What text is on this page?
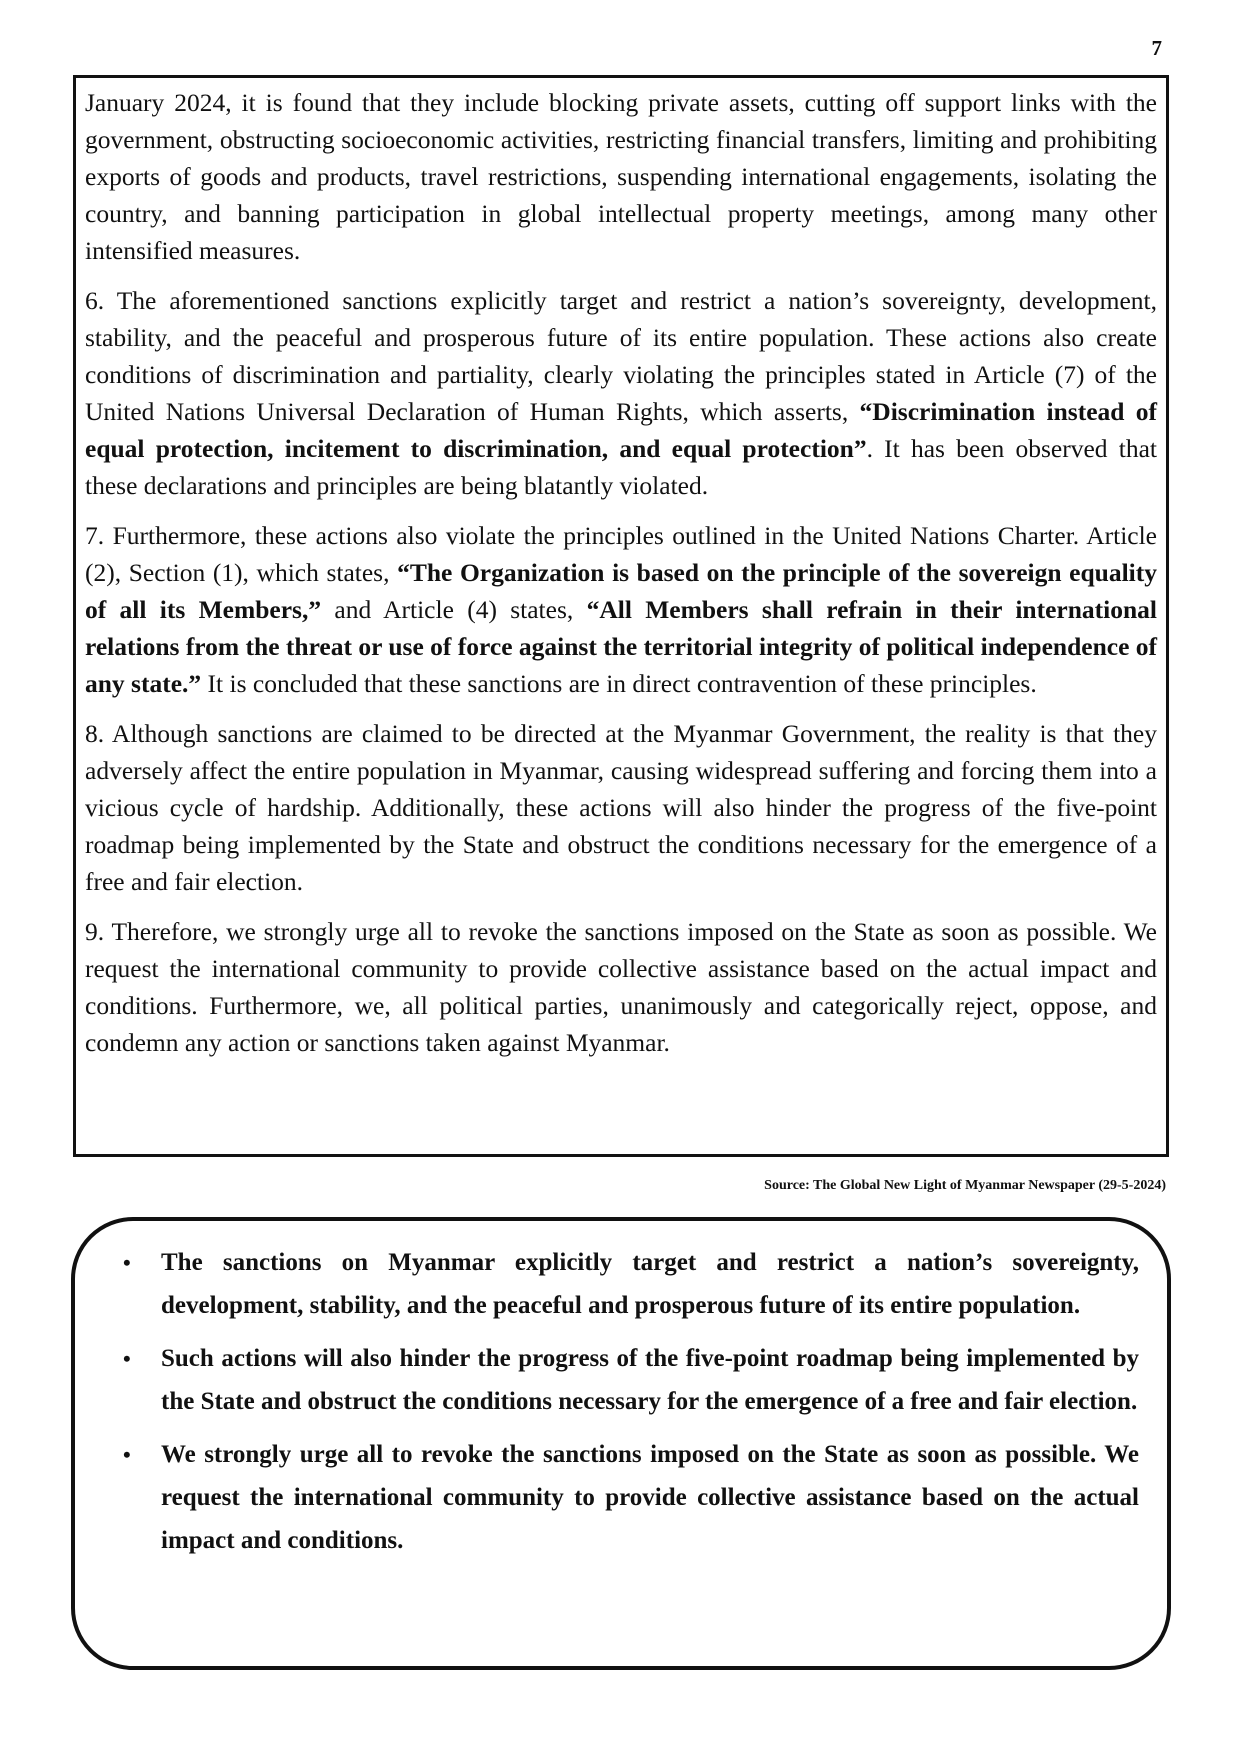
7

January 2024, it is found that they include blocking private assets, cutting off support links with the government, obstructing socioeconomic activities, restricting financial transfers, limiting and prohibiting exports of goods and products, travel restrictions, suspending international engagements, isolating the country, and banning participation in global intellectual property meetings, among many other intensified measures.

6. The aforementioned sanctions explicitly target and restrict a nation’s sovereignty, development, stability, and the peaceful and prosperous future of its entire population. These actions also create conditions of discrimination and partiality, clearly violating the principles stated in Article (7) of the United Nations Universal Declaration of Human Rights, which asserts, “Discrimination instead of equal protection, incitement to discrimination, and equal protection”. It has been observed that these declarations and principles are being blatantly violated.

7. Furthermore, these actions also violate the principles outlined in the United Nations Charter. Article (2), Section (1), which states, “The Organization is based on the principle of the sovereign equality of all its Members,” and Article (4) states, “All Members shall refrain in their international relations from the threat or use of force against the territorial integrity of political independence of any state.” It is concluded that these sanctions are in direct contravention of these principles.

8. Although sanctions are claimed to be directed at the Myanmar Government, the reality is that they adversely affect the entire population in Myanmar, causing widespread suffering and forcing them into a vicious cycle of hardship. Additionally, these actions will also hinder the progress of the five-point roadmap being implemented by the State and obstruct the conditions necessary for the emergence of a free and fair election.

9. Therefore, we strongly urge all to revoke the sanctions imposed on the State as soon as possible. We request the international community to provide collective assistance based on the actual impact and conditions. Furthermore, we, all political parties, unanimously and categorically reject, oppose, and condemn any action or sanctions taken against Myanmar.

Source: The Global New Light of Myanmar Newspaper (29-5-2024)
• The sanctions on Myanmar explicitly target and restrict a nation’s sovereignty, development, stability, and the peaceful and prosperous future of its entire population.
• Such actions will also hinder the progress of the five-point roadmap being implemented by the State and obstruct the conditions necessary for the emergence of a free and fair election.
• We strongly urge all to revoke the sanctions imposed on the State as soon as possible. We request the international community to provide collective assistance based on the actual impact and conditions.
